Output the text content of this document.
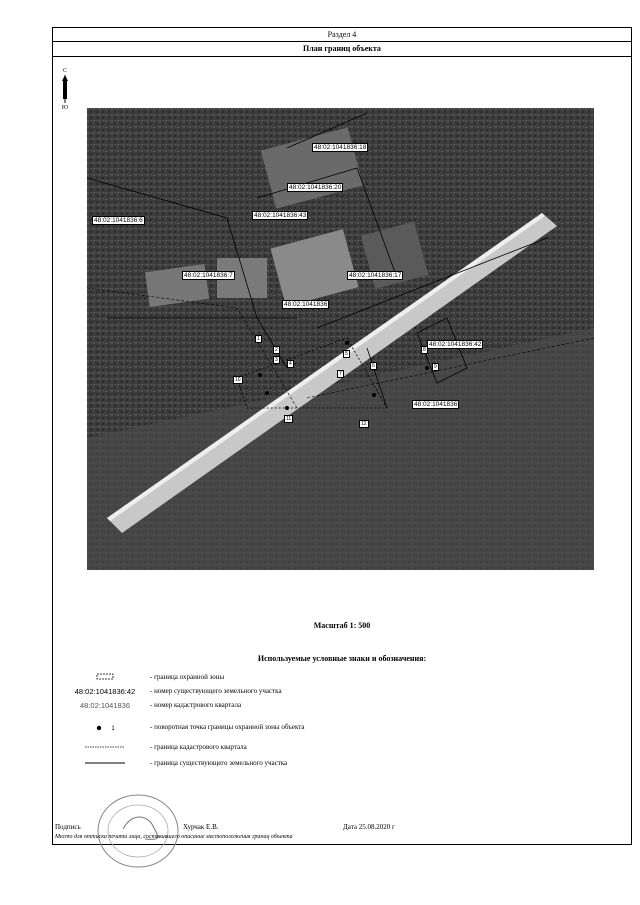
Раздел 4
План границ объекта
С
Ю
48:02:1041836:18
48:02:1041836:20
48:02:1041836:6
48:02:1041836:43
48:02:1041836:7	48:02:1041836:17
48:02:1041836
48:02:1041836:42
48:02:1041836
1
2
3
4
5
6
7
8
9
10
11
12
Масштаб 1: 500
Используемые условные знаки и обозначения:
- граница охранной зоны
48:02:1041836:42	- номер существующего земельного участка
48:02:1041836	- номер кадастрового квартала
1	- поворотная точка границы охранной зоны объекта
- граница кадастрового квартала
- граница существующего земельного участка
Подпись	Хурчак Е.В.	Дата 25.08.2020 г
Место для оттиска печати лица, составившего описание местоположения границ объекта
